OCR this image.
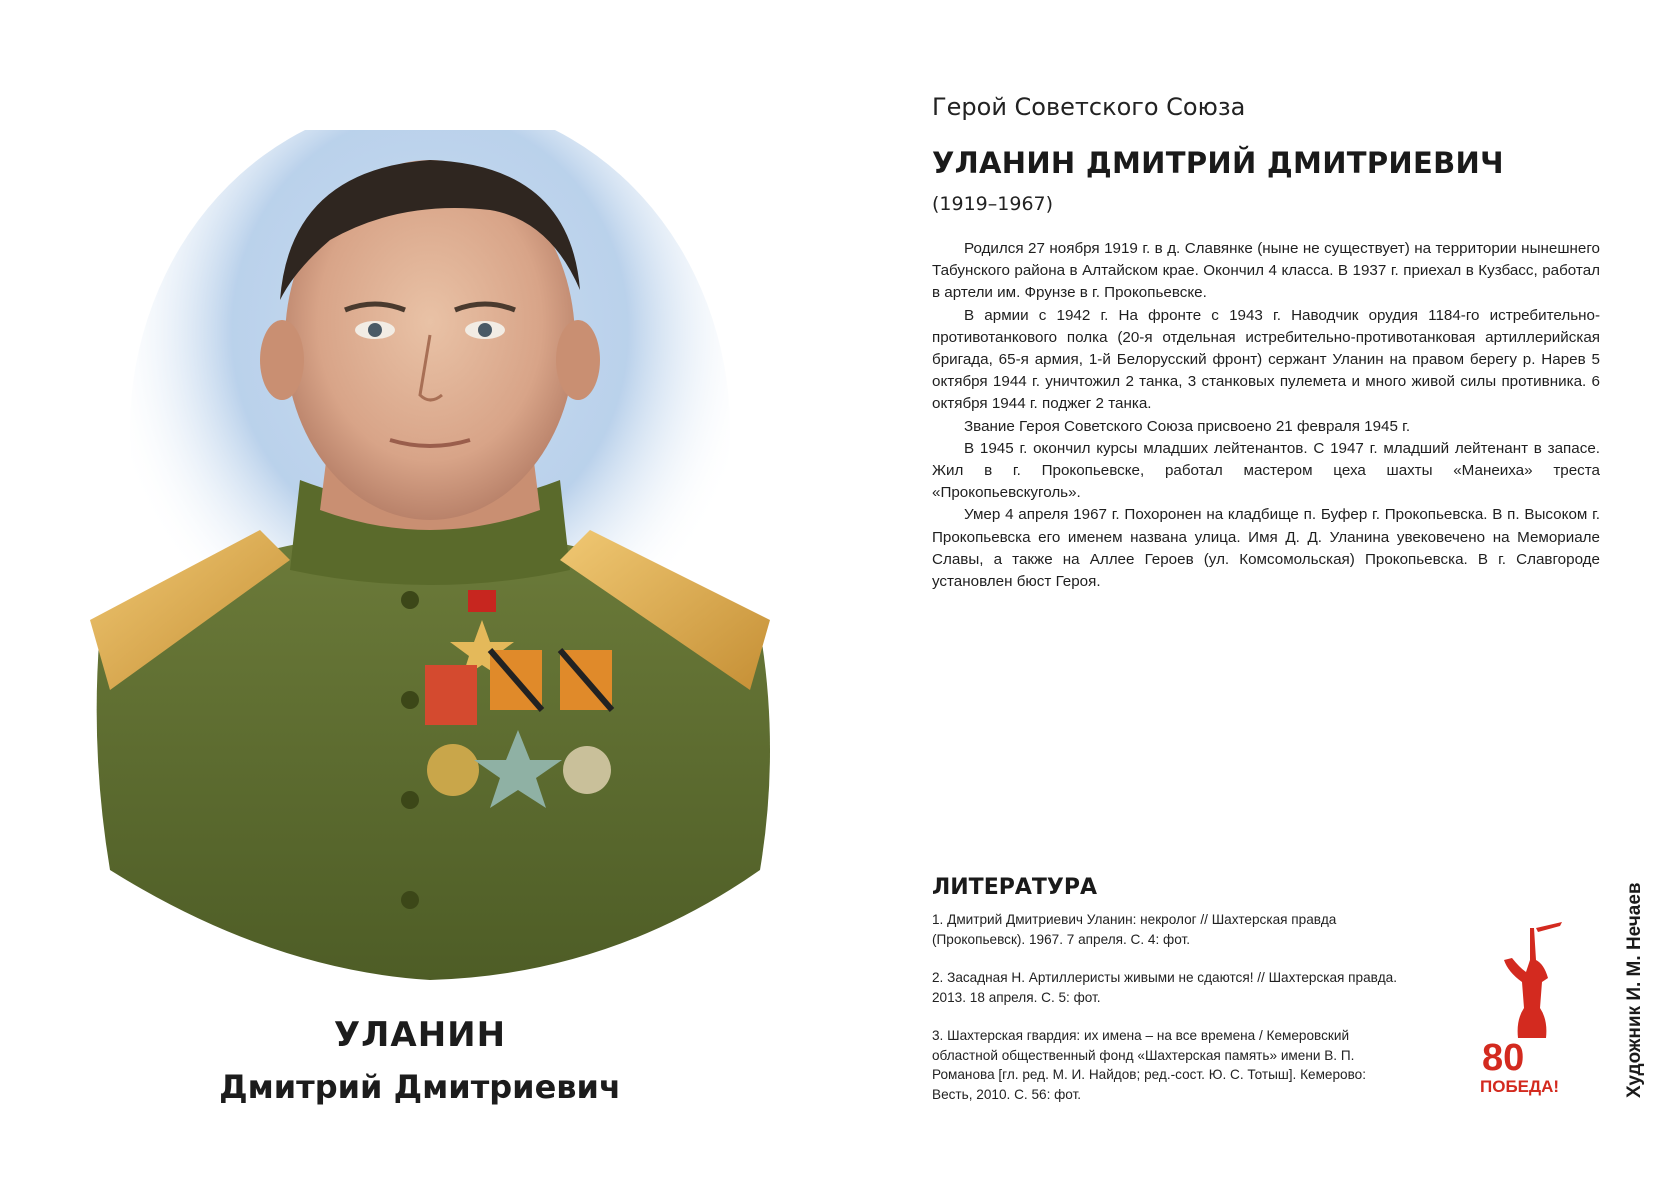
УЛАНИН
Дмитрий Дмитриевич
Герой Советского Союза
УЛАНИН ДМИТРИЙ ДМИТРИЕВИЧ
(1919–1967)

Родился 27 ноября 1919 г. в д. Славянке (ныне не существует) на территории нынешнего Табунского района в Алтайском крае. Окончил 4 класса. В 1937 г. приехал в Кузбасс, работал в артели им. Фрунзе в г. Прокопьевске.

В армии с 1942 г. На фронте с 1943 г. Наводчик орудия 1184-го истребительно-противотанкового полка (20-я отдельная истребительно-противотанковая артиллерийская бригада, 65-я армия, 1-й Белорусский фронт) сержант Уланин на правом берегу р. Нарев 5 октября 1944 г. уничтожил 2 танка, 3 станковых пулемета и много живой силы противника. 6 октября 1944 г. поджег 2 танка.

Звание Героя Советского Союза присвоено 21 февраля 1945 г.

В 1945 г. окончил курсы младших лейтенантов. С 1947 г. младший лейтенант в запасе. Жил в г. Прокопьевске, работал мастером цеха шахты «Манеиха» треста «Прокопьевскуголь».

Умер 4 апреля 1967 г. Похоронен на кладбище п. Буфер г. Прокопьевска. В п. Высоком г. Прокопьевска его именем названа улица. Имя Д. Д. Уланина увековечено на Мемориале Славы, а также на Аллее Героев (ул. Комсомольская) Прокопьевска. В г. Славгороде установлен бюст Героя.

ЛИТЕРАТУРА

1. Дмитрий Дмитриевич Уланин: некролог // Шахтерская правда (Прокопьевск). 1967. 7 апреля. С. 4: фот.

2. Засадная Н. Артиллеристы живыми не сдаются! // Шахтерская правда. 2013. 18 апреля. С. 5: фот.

3. Шахтерская гвардия: их имена – на все времена / Кемеровский областной общественный фонд «Шахтерская память» имени В. П. Романова [гл. ред. М. И. Найдов; ред.-сост. Ю. С. Тотыш]. Кемерово: Весть, 2010. С. 56: фот.

80
ПОБЕДА!	Художник И. М. Нечаев
